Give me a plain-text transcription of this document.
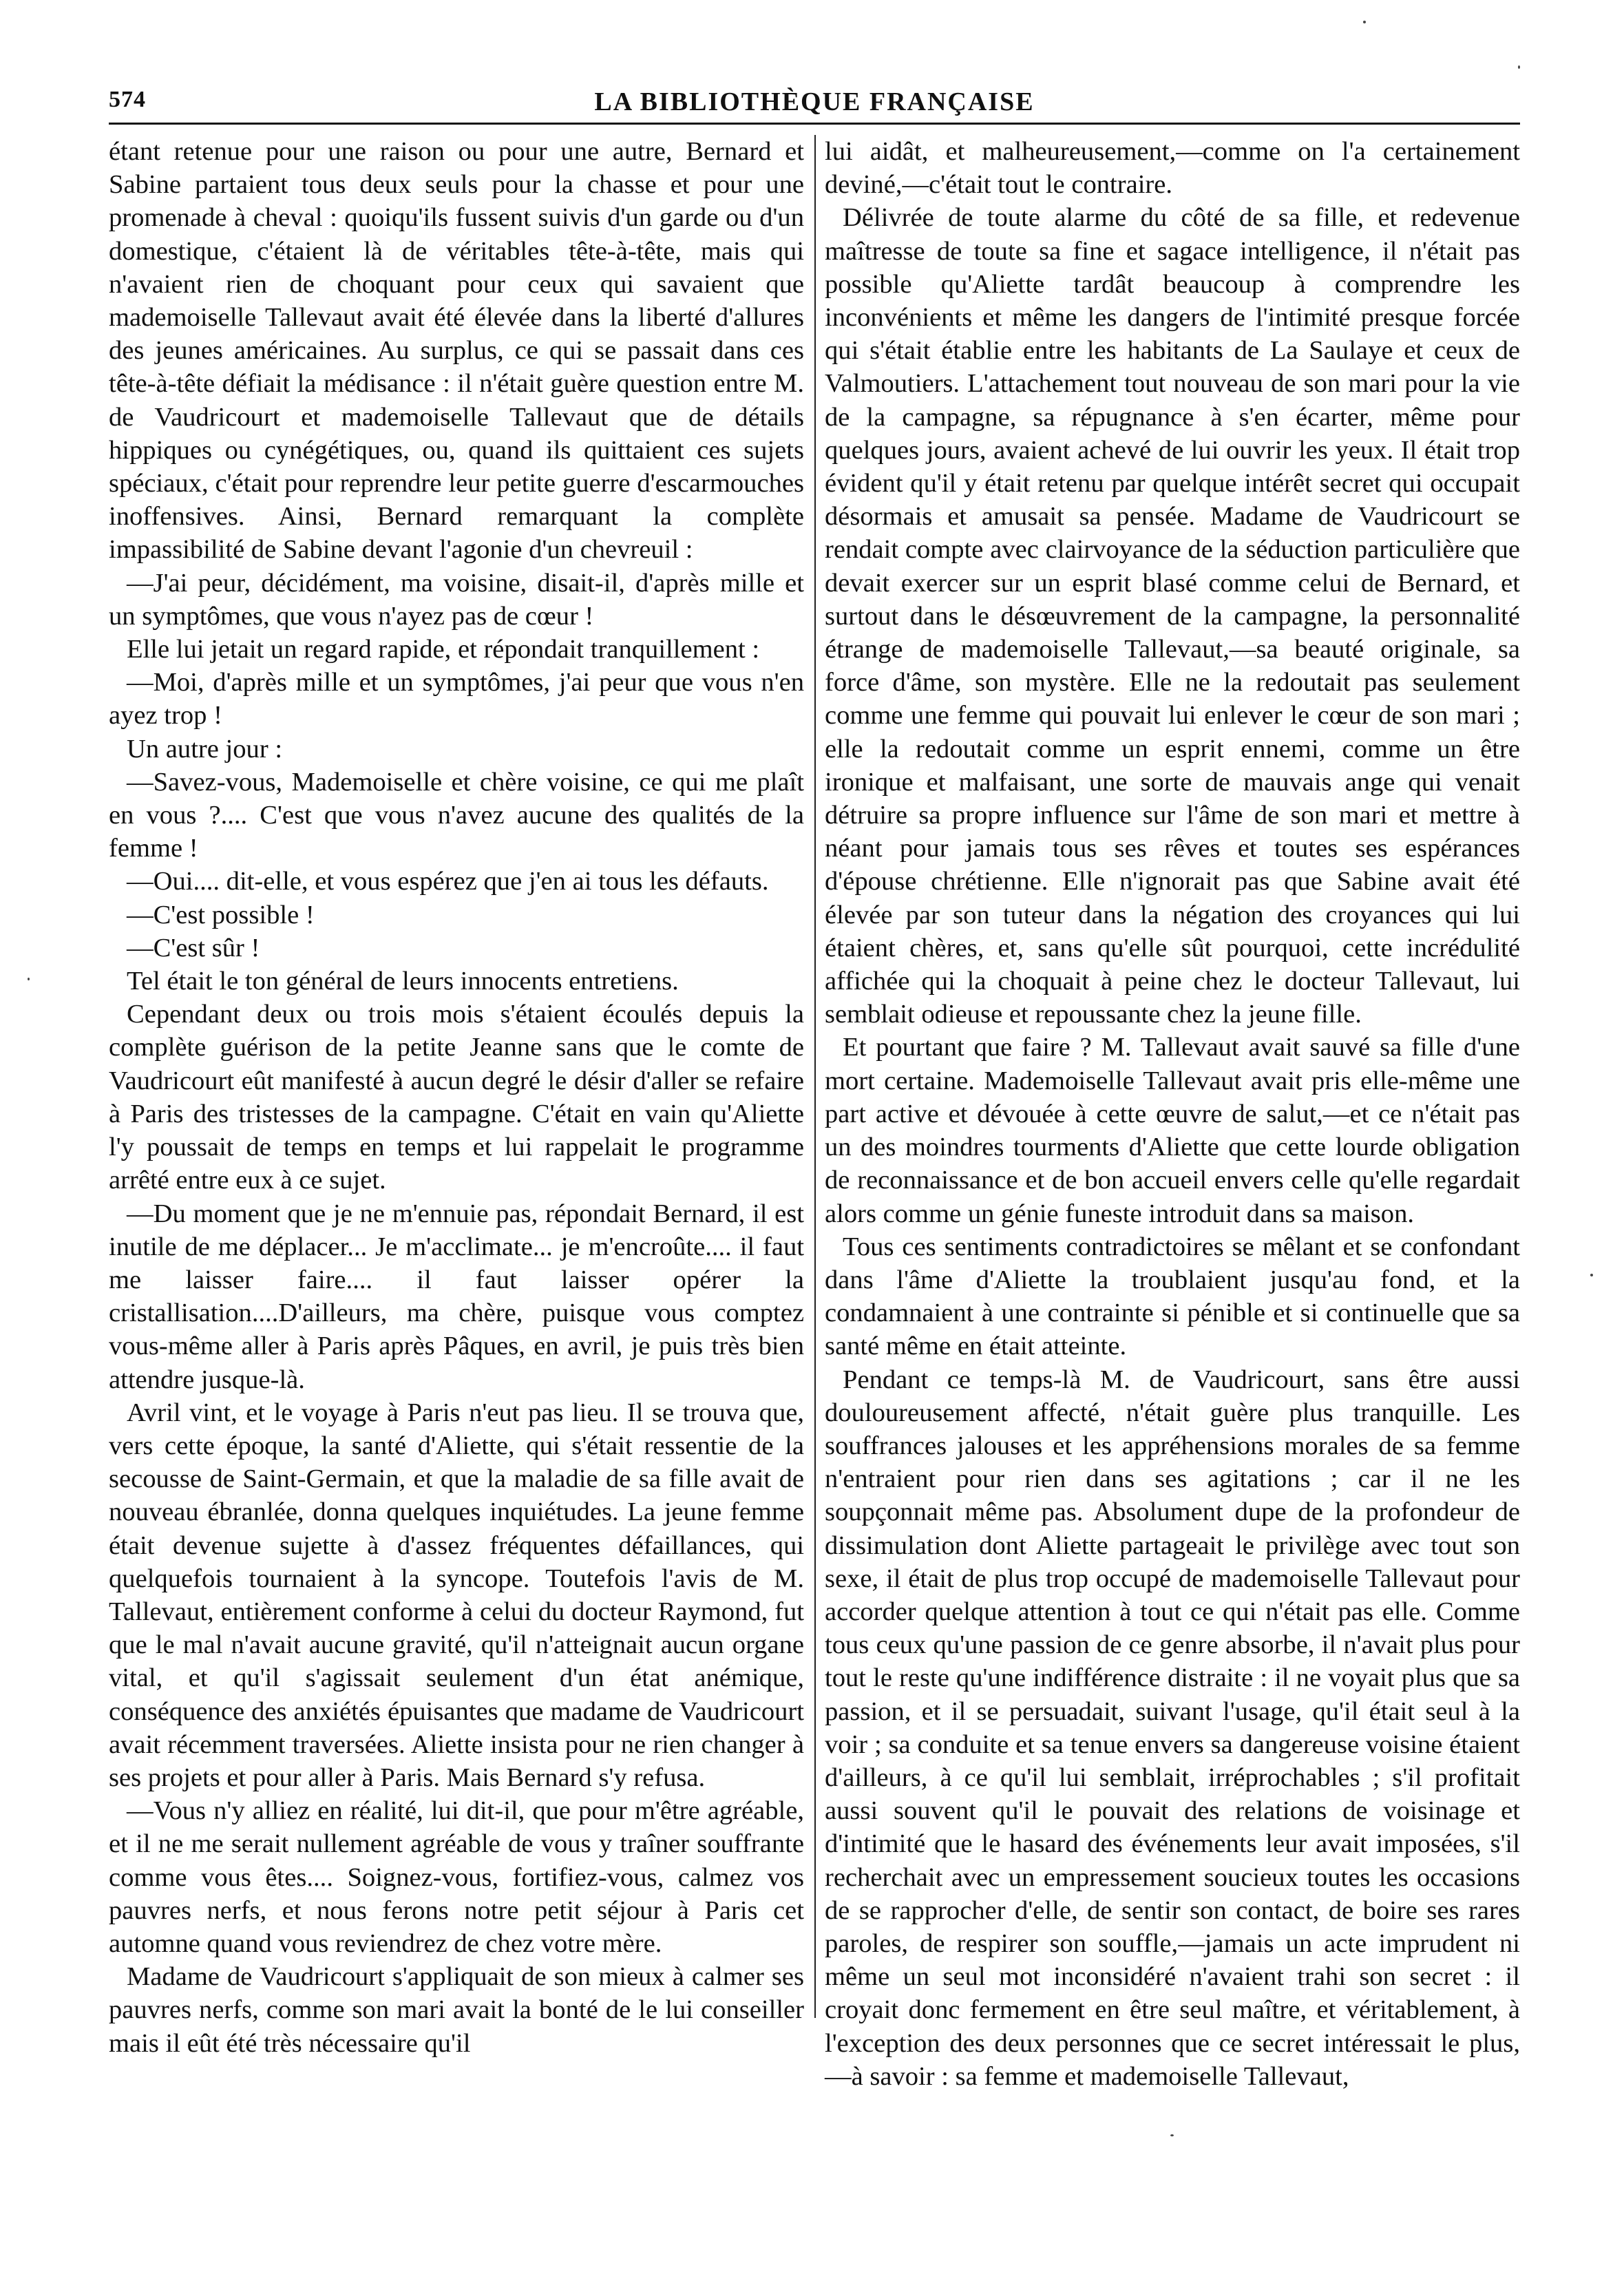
574	LA BIBLIOTHÈQUE FRANÇAISE

étant retenue pour une raison ou pour une autre, Bernard et Sabine partaient tous deux seuls pour la chasse et pour une promenade à cheval : quoiqu'ils fussent suivis d'un garde ou d'un domestique, c'étaient là de véritables tête-à-tête, mais qui n'avaient rien de choquant pour ceux qui savaient que mademoiselle Tallevaut avait été élevée dans la liberté d'allures des jeunes américaines. Au surplus, ce qui se passait dans ces tête-à-tête défiait la médisance : il n'était guère question entre M. de Vaudricourt et mademoiselle Tallevaut que de détails hippiques ou cynégétiques, ou, quand ils quittaient ces sujets spéciaux, c'était pour reprendre leur petite guerre d'escarmouches inoffensives. Ainsi, Bernard remarquant la complète impassibilité de Sabine devant l'agonie d'un chevreuil :

—J'ai peur, décidément, ma voisine, disait-il, d'après mille et un symptômes, que vous n'ayez pas de cœur !

Elle lui jetait un regard rapide, et répondait tranquillement :

—Moi, d'après mille et un symptômes, j'ai peur que vous n'en ayez trop !

Un autre jour :

—Savez-vous, Mademoiselle et chère voisine, ce qui me plaît en vous ?.... C'est que vous n'avez aucune des qualités de la femme !

—Oui.... dit-elle, et vous espérez que j'en ai tous les défauts.

—C'est possible !

—C'est sûr !

Tel était le ton général de leurs innocents entretiens.

Cependant deux ou trois mois s'étaient écoulés depuis la complète guérison de la petite Jeanne sans que le comte de Vaudricourt eût manifesté à aucun degré le désir d'aller se refaire à Paris des tristesses de la campagne. C'était en vain qu'Aliette l'y poussait de temps en temps et lui rappelait le programme arrêté entre eux à ce sujet.

—Du moment que je ne m'ennuie pas, répondait Bernard, il est inutile de me déplacer... Je m'acclimate... je m'encroûte.... il faut me laisser faire.... il faut laisser opérer la cristallisation....D'ailleurs, ma chère, puisque vous comptez vous-même aller à Paris après Pâques, en avril, je puis très bien attendre jusque-là.

Avril vint, et le voyage à Paris n'eut pas lieu. Il se trouva que, vers cette époque, la santé d'Aliette, qui s'était ressentie de la secousse de Saint-Germain, et que la maladie de sa fille avait de nouveau ébranlée, donna quelques inquiétudes. La jeune femme était devenue sujette à d'assez fréquentes défaillances, qui quelquefois tournaient à la syncope. Toutefois l'avis de M. Tallevaut, entièrement conforme à celui du docteur Raymond, fut que le mal n'avait aucune gravité, qu'il n'atteignait aucun organe vital, et qu'il s'agissait seulement d'un état anémique, conséquence des anxiétés épuisantes que madame de Vaudricourt avait récemment traversées. Aliette insista pour ne rien changer à ses projets et pour aller à Paris. Mais Bernard s'y refusa.

—Vous n'y alliez en réalité, lui dit-il, que pour m'être agréable, et il ne me serait nullement agréable de vous y traîner souffrante comme vous êtes.... Soignez-vous, fortifiez-vous, calmez vos pauvres nerfs, et nous ferons notre petit séjour à Paris cet automne quand vous reviendrez de chez votre mère.

Madame de Vaudricourt s'appliquait de son mieux à calmer ses pauvres nerfs, comme son mari avait la bonté de le lui conseiller mais il eût été très nécessaire qu'il

lui aidât, et malheureusement,—comme on l'a certainement deviné,—c'était tout le contraire.

Délivrée de toute alarme du côté de sa fille, et redevenue maîtresse de toute sa fine et sagace intelligence, il n'était pas possible qu'Aliette tardât beaucoup à comprendre les inconvénients et même les dangers de l'intimité presque forcée qui s'était établie entre les habitants de La Saulaye et ceux de Valmoutiers. L'attachement tout nouveau de son mari pour la vie de la campagne, sa répugnance à s'en écarter, même pour quelques jours, avaient achevé de lui ouvrir les yeux. Il était trop évident qu'il y était retenu par quelque intérêt secret qui occupait désormais et amusait sa pensée. Madame de Vaudricourt se rendait compte avec clairvoyance de la séduction particulière que devait exercer sur un esprit blasé comme celui de Bernard, et surtout dans le désœuvrement de la campagne, la personnalité étrange de mademoiselle Tallevaut,—sa beauté originale, sa force d'âme, son mystère. Elle ne la redoutait pas seulement comme une femme qui pouvait lui enlever le cœur de son mari ; elle la redoutait comme un esprit ennemi, comme un être ironique et malfaisant, une sorte de mauvais ange qui venait détruire sa propre influence sur l'âme de son mari et mettre à néant pour jamais tous ses rêves et toutes ses espérances d'épouse chrétienne. Elle n'ignorait pas que Sabine avait été élevée par son tuteur dans la négation des croyances qui lui étaient chères, et, sans qu'elle sût pourquoi, cette incrédulité affichée qui la choquait à peine chez le docteur Tallevaut, lui semblait odieuse et repoussante chez la jeune fille.

Et pourtant que faire ? M. Tallevaut avait sauvé sa fille d'une mort certaine. Mademoiselle Tallevaut avait pris elle-même une part active et dévouée à cette œuvre de salut,—et ce n'était pas un des moindres tourments d'Aliette que cette lourde obligation de reconnaissance et de bon accueil envers celle qu'elle regardait alors comme un génie funeste introduit dans sa maison.

Tous ces sentiments contradictoires se mêlant et se confondant dans l'âme d'Aliette la troublaient jusqu'au fond, et la condamnaient à une contrainte si pénible et si continuelle que sa santé même en était atteinte.

Pendant ce temps-là M. de Vaudricourt, sans être aussi douloureusement affecté, n'était guère plus tranquille. Les souffrances jalouses et les appréhensions morales de sa femme n'entraient pour rien dans ses agitations ; car il ne les soupçonnait même pas. Absolument dupe de la profondeur de dissimulation dont Aliette partageait le privilège avec tout son sexe, il était de plus trop occupé de mademoiselle Tallevaut pour accorder quelque attention à tout ce qui n'était pas elle. Comme tous ceux qu'une passion de ce genre absorbe, il n'avait plus pour tout le reste qu'une indifférence distraite : il ne voyait plus que sa passion, et il se persuadait, suivant l'usage, qu'il était seul à la voir ; sa conduite et sa tenue envers sa dangereuse voisine étaient d'ailleurs, à ce qu'il lui semblait, irréprochables ; s'il profitait aussi souvent qu'il le pouvait des relations de voisinage et d'intimité que le hasard des événements leur avait imposées, s'il recherchait avec un empressement soucieux toutes les occasions de se rapprocher d'elle, de sentir son contact, de boire ses rares paroles, de respirer son souffle,—jamais un acte imprudent ni même un seul mot inconsidéré n'avaient trahi son secret : il croyait donc fermement en être seul maître, et véritablement, à l'exception des deux personnes que ce secret intéressait le plus,—à savoir : sa femme et mademoiselle Tallevaut,
